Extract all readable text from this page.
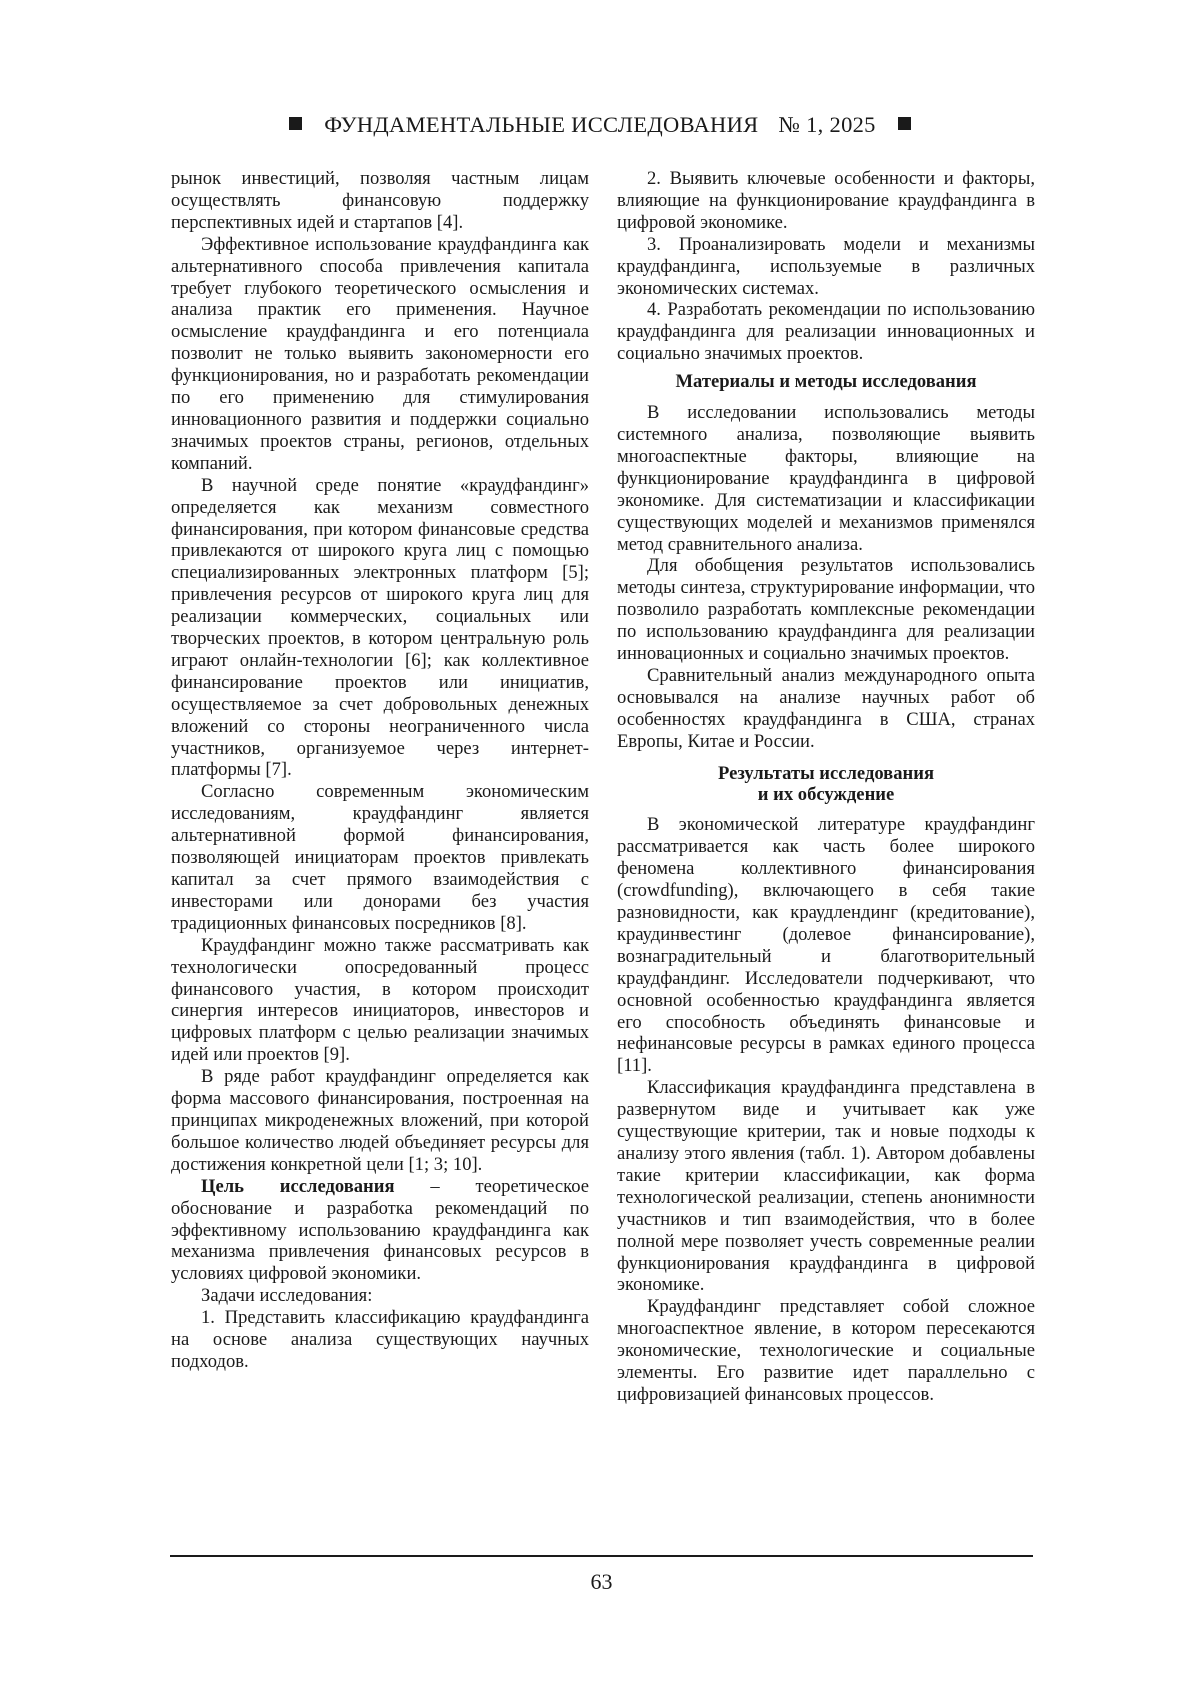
ФУНДАМЕНТАЛЬНЫЕ ИССЛЕДОВАНИЯ № 1, 2025

рынок инвестиций, позволяя частным лицам осуществлять финансовую поддержку перспективных идей и стартапов [4].

Эффективное использование краудфандинга как альтернативного способа привлечения капитала требует глубокого теоретического осмысления и анализа практик его применения. Научное осмысление краудфандинга и его потенциала позволит не только выявить закономерности его функционирования, но и разработать рекомендации по его применению для стимулирования инновационного развития и поддержки социально значимых проектов страны, регионов, отдельных компаний.

В научной среде понятие «краудфандинг» определяется как механизм совместного финансирования, при котором финансовые средства привлекаются от широкого круга лиц с помощью специализированных электронных платформ [5]; привлечения ресурсов от широкого круга лиц для реализации коммерческих, социальных или творческих проектов, в котором центральную роль играют онлайн-технологии [6]; как коллективное финансирование проектов или инициатив, осуществляемое за счет добровольных денежных вложений со стороны неограниченного числа участников, организуемое через интернет-платформы [7].

Согласно современным экономическим исследованиям, краудфандинг является альтернативной формой финансирования, позволяющей инициаторам проектов привлекать капитал за счет прямого взаимодействия с инвесторами или донорами без участия традиционных финансовых посредников [8].

Краудфандинг можно также рассматривать как технологически опосредованный процесс финансового участия, в котором происходит синергия интересов инициаторов, инвесторов и цифровых платформ с целью реализации значимых идей или проектов [9].

В ряде работ краудфандинг определяется как форма массового финансирования, построенная на принципах микроденежных вложений, при которой большое количество людей объединяет ресурсы для достижения конкретной цели [1; 3; 10].

Цель исследования – теоретическое обоснование и разработка рекомендаций по эффективному использованию краудфандинга как механизма привлечения финансовых ресурсов в условиях цифровой экономики.

Задачи исследования:

1. Представить классификацию краудфандинга на основе анализа существующих научных подходов.

2. Выявить ключевые особенности и факторы, влияющие на функционирование краудфандинга в цифровой экономике.

3. Проанализировать модели и механизмы краудфандинга, используемые в различных экономических системах.

4. Разработать рекомендации по использованию краудфандинга для реализации инновационных и социально значимых проектов.

Материалы и методы исследования

В исследовании использовались методы системного анализа, позволяющие выявить многоаспектные факторы, влияющие на функционирование краудфандинга в цифровой экономике. Для систематизации и классификации существующих моделей и механизмов применялся метод сравнительного анализа.

Для обобщения результатов использовались методы синтеза, структурирование информации, что позволило разработать комплексные рекомендации по использованию краудфандинга для реализации инновационных и социально значимых проектов.

Сравнительный анализ международного опыта основывался на анализе научных работ об особенностях краудфандинга в США, странах Европы, Китае и России.

Результаты исследования
и их обсуждение

В экономической литературе краудфандинг рассматривается как часть более широкого феномена коллективного финансирования (crowdfunding), включающего в себя такие разновидности, как краудлендинг (кредитование), краудинвестинг (долевое финансирование), вознаградительный и благотворительный краудфандинг. Исследователи подчеркивают, что основной особенностью краудфандинга является его способность объединять финансовые и нефинансовые ресурсы в рамках единого процесса [11].

Классификация краудфандинга представлена в развернутом виде и учитывает как уже существующие критерии, так и новые подходы к анализу этого явления (табл. 1). Автором добавлены такие критерии классификации, как форма технологической реализации, степень анонимности участников и тип взаимодействия, что в более полной мере позволяет учесть современные реалии функционирования краудфандинга в цифровой экономике.

Краудфандинг представляет собой сложное многоаспектное явление, в котором пересекаются экономические, технологические и социальные элементы. Его развитие идет параллельно с цифровизацией финансовых процессов.

63
